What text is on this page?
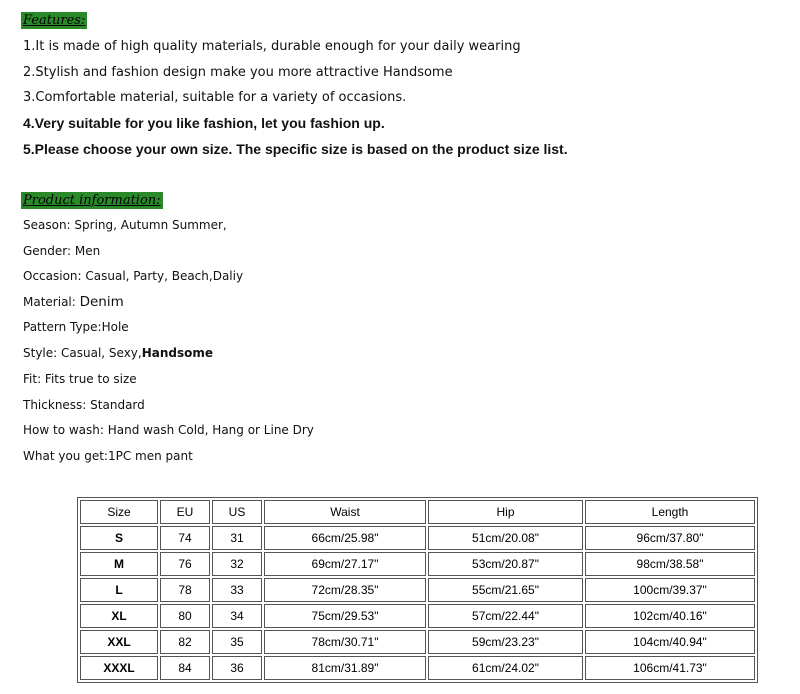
Features:
1.It is made of high quality materials, durable enough for your daily wearing
2.Stylish and fashion design make you more attractive Handsome
3.Comfortable material, suitable for a variety of occasions.
4.Very suitable for you like fashion, let you fashion up.
5.Please choose your own size. The specific size is based on the product size list.
Product information:
Season: Spring, Autumn Summer,
Gender: Men
Occasion: Casual, Party, Beach,Daliy
Material: Denim
Pattern Type:Hole
Style: Casual, Sexy,Handsome
Fit: Fits true to size
Thickness: Standard
How to wash: Hand wash Cold, Hang or Line Dry
What you get:1PC men pant
Size	EU	US	Waist	Hip	Length
S	74	31	66cm/25.98"	51cm/20.08"	96cm/37.80"
M	76	32	69cm/27.17"	53cm/20.87"	98cm/38.58"
L	78	33	72cm/28.35"	55cm/21.65"	100cm/39.37"
XL	80	34	75cm/29.53"	57cm/22.44"	102cm/40.16"
XXL	82	35	78cm/30.71"	59cm/23.23"	104cm/40.94"
XXXL	84	36	81cm/31.89"	61cm/24.02"	106cm/41.73"
